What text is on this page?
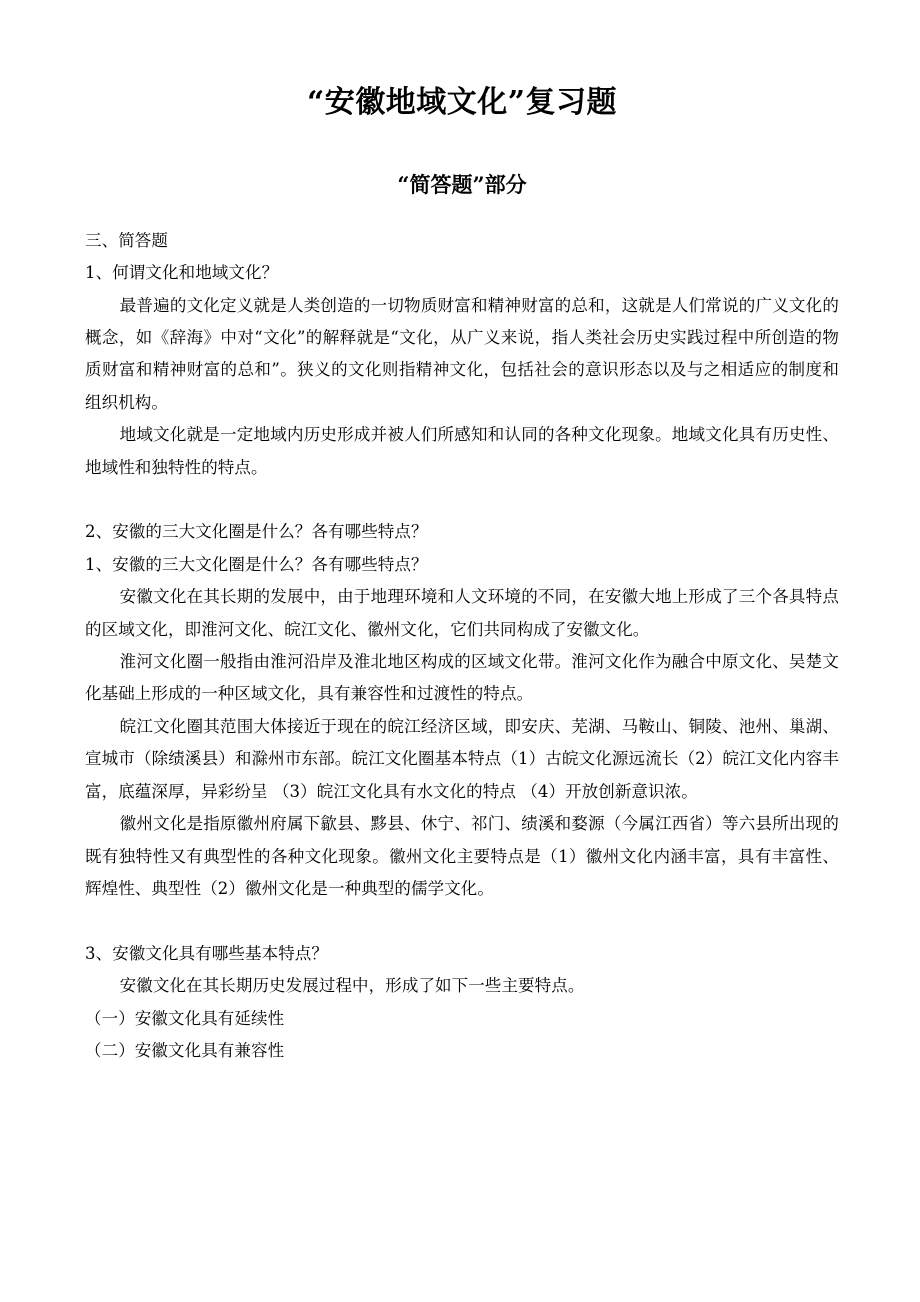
“安徽地域文化”复习题
“简答题”部分

三、简答题

1、何谓文化和地域文化？

最普遍的文化定义就是人类创造的一切物质财富和精神财富的总和，这就是人们常说的广义文化的概念，如《辞海》中对“文化”的解释就是“文化，从广义来说，指人类社会历史实践过程中所创造的物质财富和精神财富的总和”。狭义的文化则指精神文化，包括社会的意识形态以及与之相适应的制度和组织机构。

地域文化就是一定地域内历史形成并被人们所感知和认同的各种文化现象。地域文化具有历史性、地域性和独特性的特点。

2、安徽的三大文化圈是什么？各有哪些特点？

1、安徽的三大文化圈是什么？各有哪些特点？

安徽文化在其长期的发展中，由于地理环境和人文环境的不同，在安徽大地上形成了三个各具特点的区域文化，即淮河文化、皖江文化、徽州文化，它们共同构成了安徽文化。

淮河文化圈一般指由淮河沿岸及淮北地区构成的区域文化带。淮河文化作为融合中原文化、吴楚文化基础上形成的一种区域文化，具有兼容性和过渡性的特点。

皖江文化圈其范围大体接近于现在的皖江经济区域，即安庆、芜湖、马鞍山、铜陵、池州、巢湖、宣城市（除绩溪县）和滁州市东部。皖江文化圈基本特点（1）古皖文化源远流长（2）皖江文化内容丰富，底蕴深厚，异彩纷呈 （3）皖江文化具有水文化的特点 （4）开放创新意识浓。

徽州文化是指原徽州府属下歙县、黟县、休宁、祁门、绩溪和婺源（今属江西省）等六县所出现的既有独特性又有典型性的各种文化现象。徽州文化主要特点是（1）徽州文化内涵丰富，具有丰富性、辉煌性、典型性（2）徽州文化是一种典型的儒学文化。

3、安徽文化具有哪些基本特点？

安徽文化在其长期历史发展过程中，形成了如下一些主要特点。

（一）安徽文化具有延续性

（二）安徽文化具有兼容性
